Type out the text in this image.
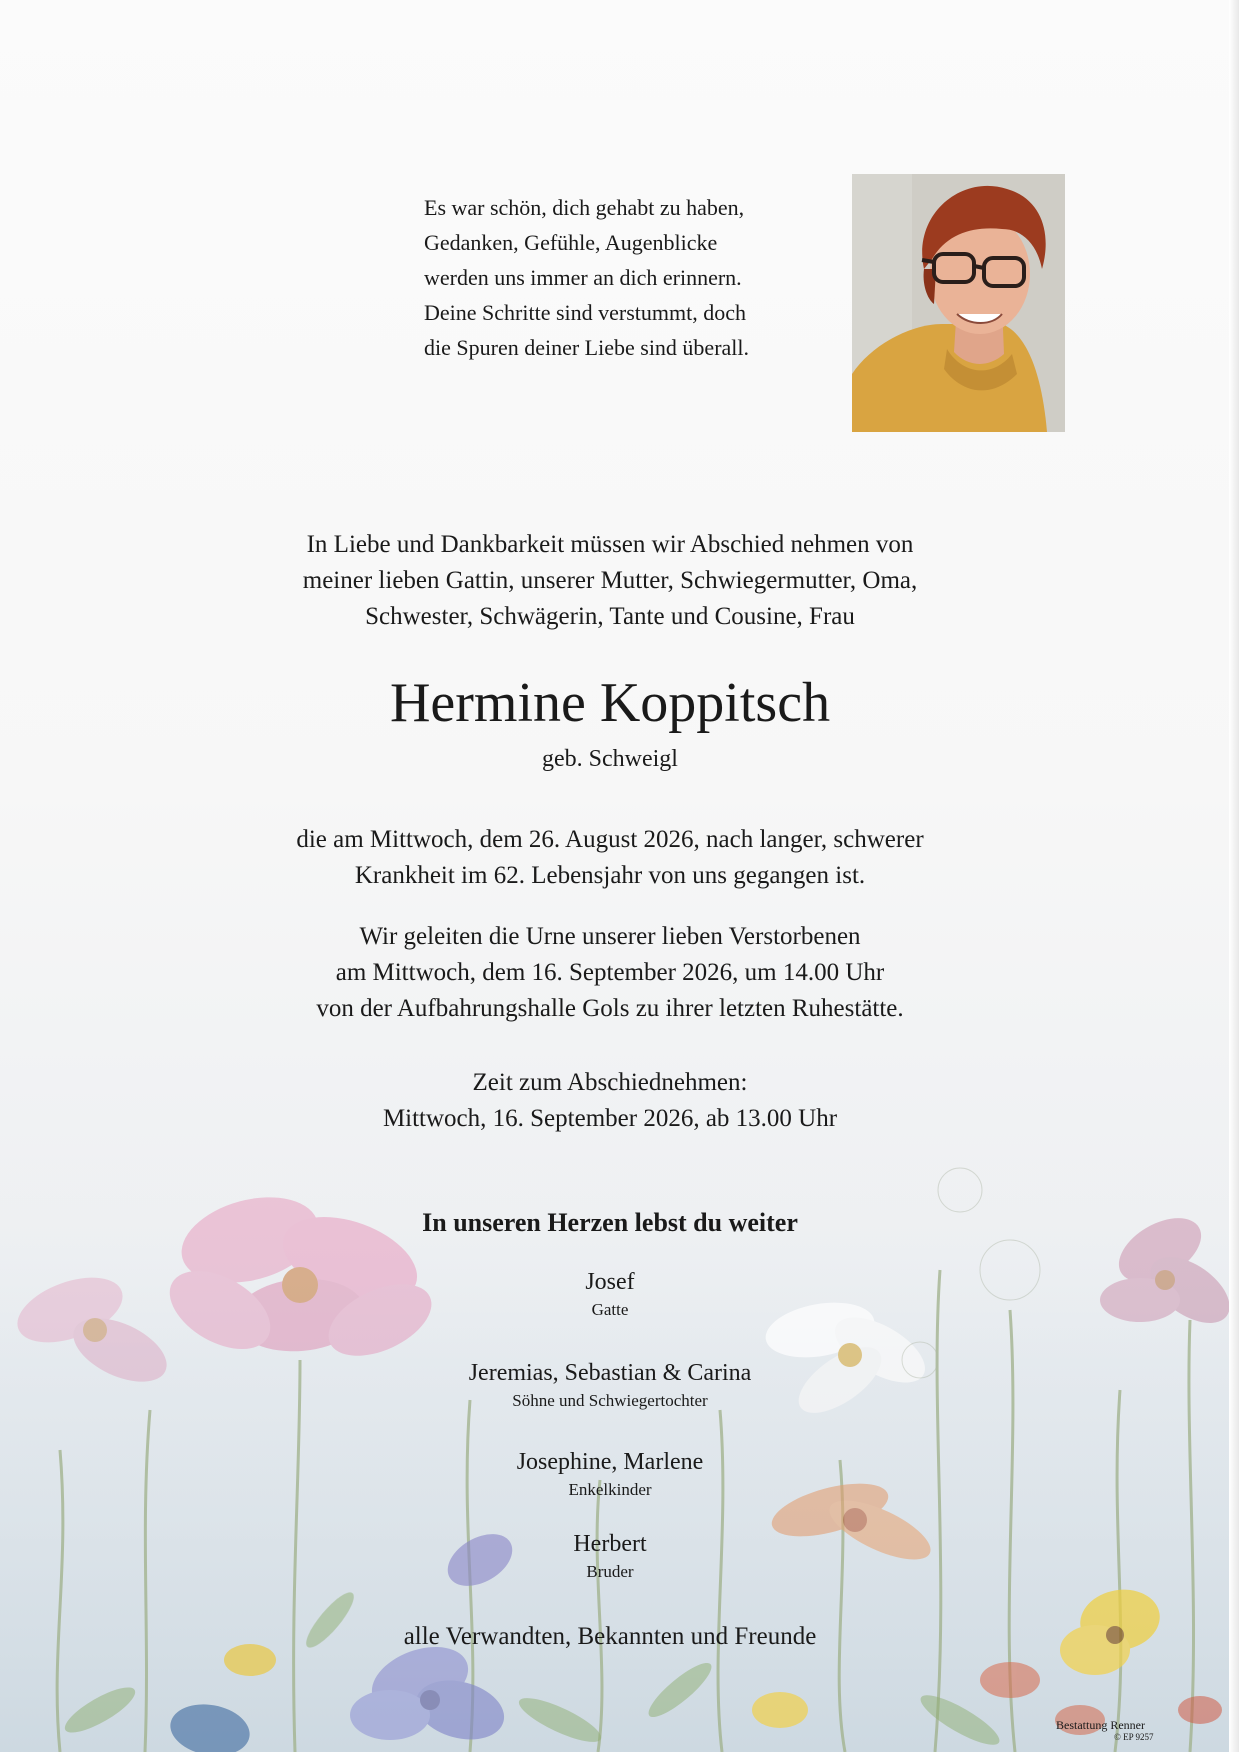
Es war schön, dich gehabt zu haben,
Gedanken, Gefühle, Augenblicke
werden uns immer an dich erinnern.
Deine Schritte sind verstummt, doch
die Spuren deiner Liebe sind überall.
In Liebe und Dankbarkeit müssen wir Abschied nehmen von
meiner lieben Gattin, unserer Mutter, Schwiegermutter, Oma,
Schwester, Schwägerin, Tante und Cousine, Frau
Hermine Koppitsch
geb. Schweigl
die am Mittwoch, dem 26. August 2026, nach langer, schwerer
Krankheit im 62. Lebensjahr von uns gegangen ist.
Wir geleiten die Urne unserer lieben Verstorbenen
am Mittwoch, dem 16. September 2026, um 14.00 Uhr
von der Aufbahrungshalle Gols zu ihrer letzten Ruhestätte.
Zeit zum Abschiednehmen:
Mittwoch, 16. September 2026, ab 13.00 Uhr
In unseren Herzen lebst du weiter
Josef
Gatte
Jeremias, Sebastian & Carina
Söhne und Schwiegertochter
Josephine, Marlene
Enkelkinder
Herbert
Bruder
alle Verwandten, Bekannten und Freunde
Bestattung Renner
© EP 9257
